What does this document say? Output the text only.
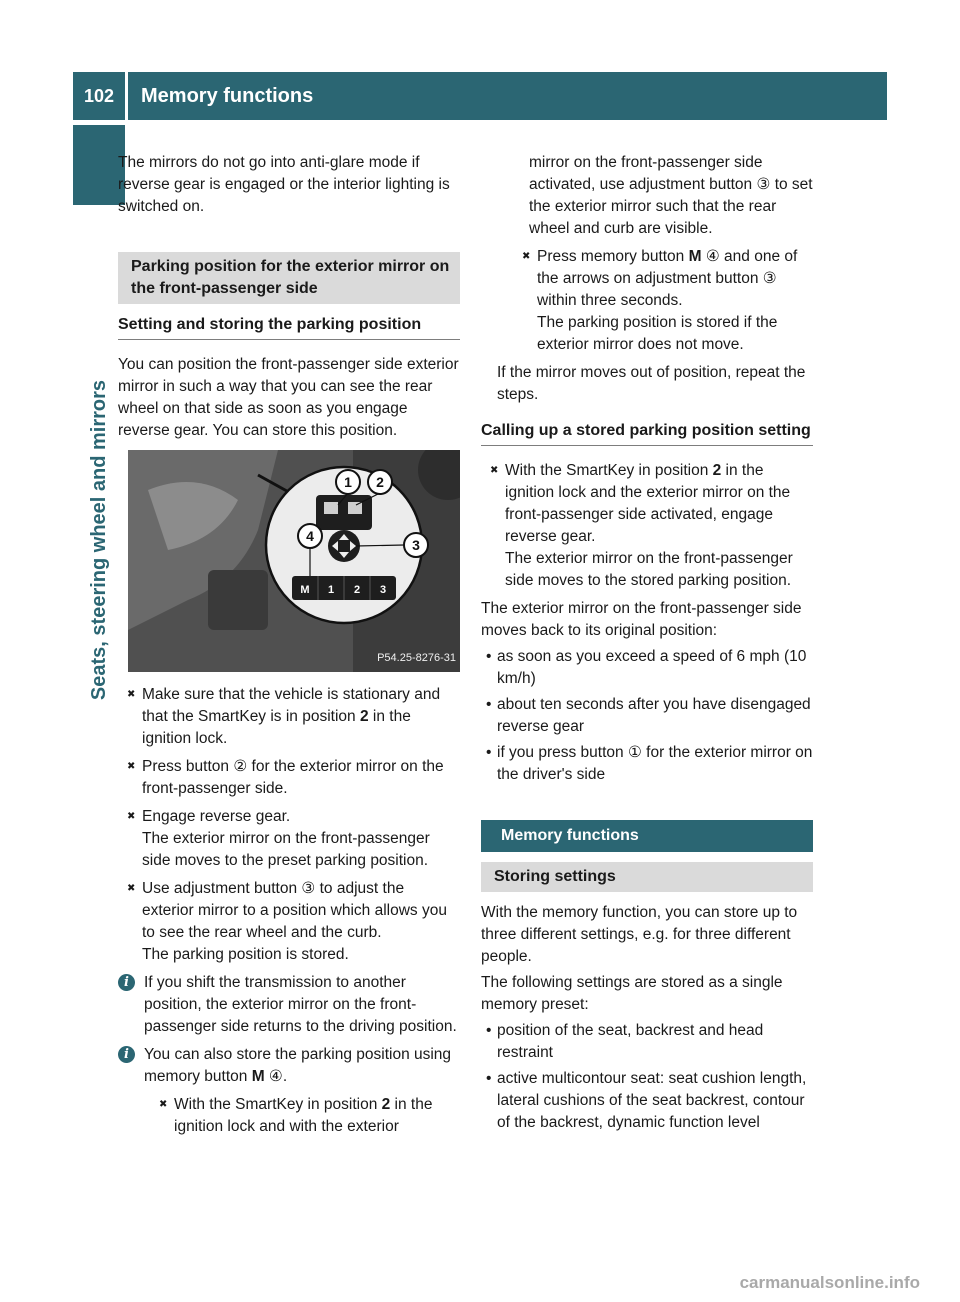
102	Memory functions
Seats, steering wheel and mirrors

The mirrors do not go into anti-glare mode if reverse gear is engaged or the interior lighting is switched on.

Parking position for the exterior mirror on the front-passenger side
Setting and storing the parking position

You can position the front-passenger side exterior mirror in such a way that you can see the rear wheel on that side as soon as you engage reverse gear. You can store this position.

M 1 2 3
1 2
3
4
P54.25-8276-31
✖ Make sure that the vehicle is stationary and that the SmartKey is in position 2 in the ignition lock.
✖ Press button ② for the exterior mirror on the front-passenger side.
✖ Engage reverse gear.
The exterior mirror on the front-passenger side moves to the preset parking position.
✖ Use adjustment button ③ to adjust the exterior mirror to a position which allows you to see the rear wheel and the curb.
The parking position is stored.
i If you shift the transmission to another position, the exterior mirror on the front-passenger side returns to the driving position.
i You can also store the parking position using memory button M ④.
✖ With the SmartKey in position 2 in the ignition lock and with the exterior
mirror on the front-passenger side activated, use adjustment button ③ to set the exterior mirror such that the rear wheel and curb are visible.
✖ Press memory button M ④ and one of the arrows on adjustment button ③ within three seconds.
The parking position is stored if the exterior mirror does not move.

If the mirror moves out of position, repeat the steps.

Calling up a stored parking position setting
✖ With the SmartKey in position 2 in the ignition lock and the exterior mirror on the front-passenger side activated, engage reverse gear.
The exterior mirror on the front-passenger side moves to the stored parking position.

The exterior mirror on the front-passenger side moves back to its original position:

• as soon as you exceed a speed of 6 mph (10 km/h)
• about ten seconds after you have disengaged reverse gear
• if you press button ① for the exterior mirror on the driver's side
Memory functions
Storing settings

With the memory function, you can store up to three different settings, e.g. for three different people.

The following settings are stored as a single memory preset:

• position of the seat, backrest and head restraint
• active multicontour seat: seat cushion length, lateral cushions of the seat backrest, contour of the backrest, dynamic function level
carmanualsonline.info
